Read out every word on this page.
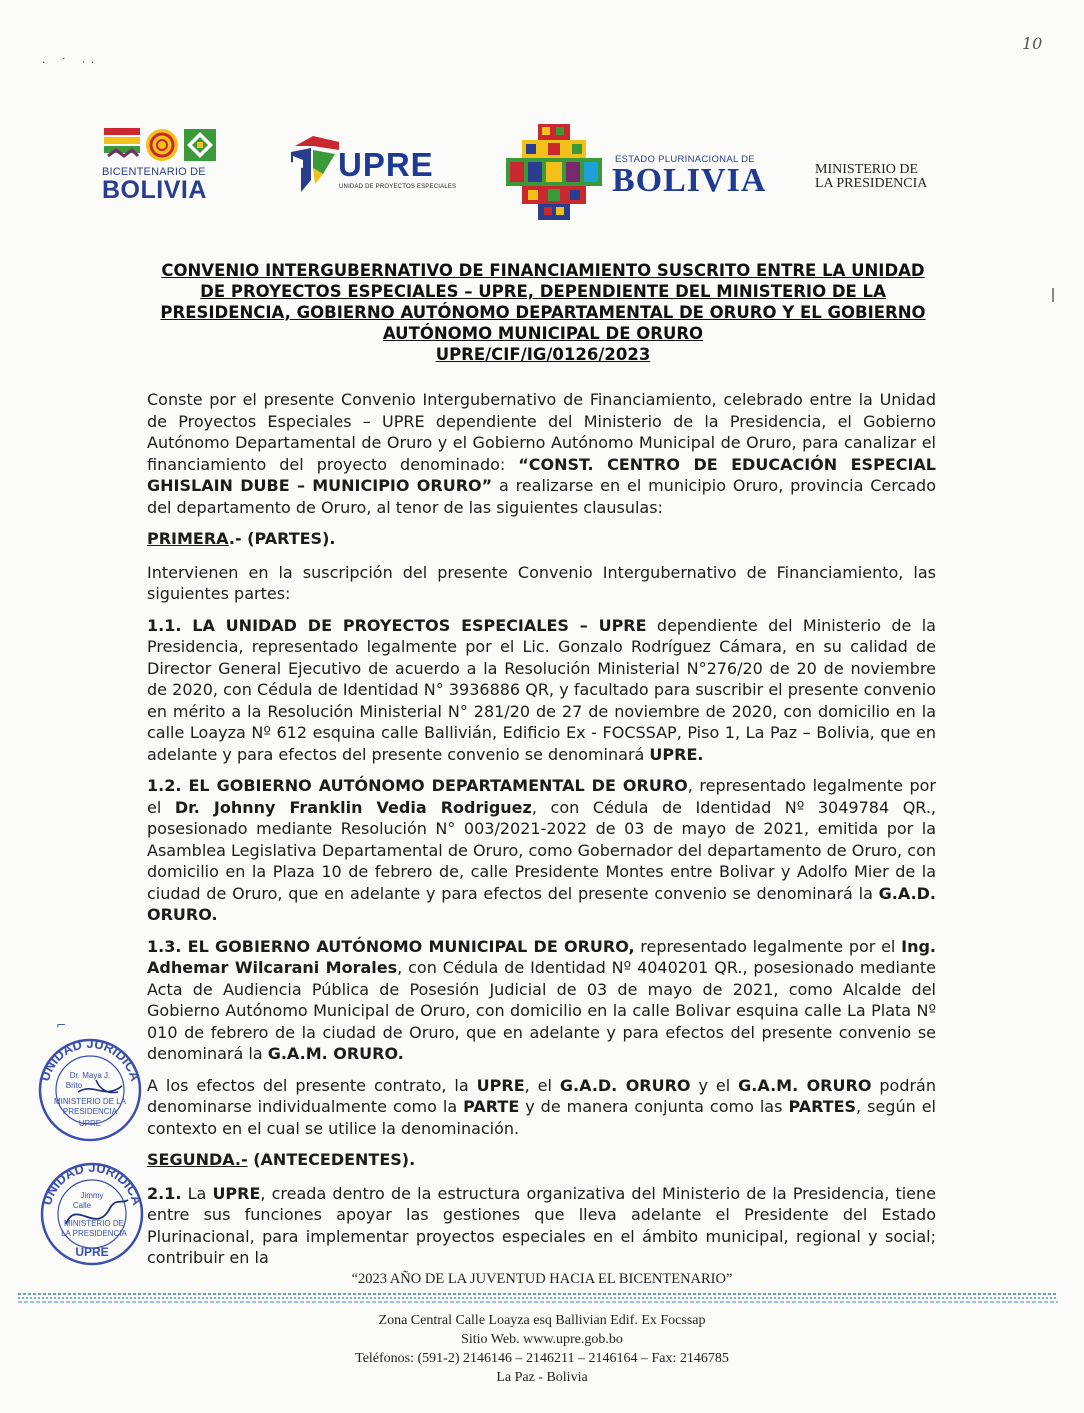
10
· ˙ ᐧ·
BICENTENARIO DE
BOLIVIA
UPRE
UNIDAD DE PROYECTOS ESPECIALES
ESTADO PLURINACIONAL DE
BOLIVIA	MINISTERIO DE
LA PRESIDENCIA
CONVENIO INTERGUBERNATIVO DE FINANCIAMIENTO SUSCRITO ENTRE LA UNIDAD
DE PROYECTOS ESPECIALES – UPRE, DEPENDIENTE DEL MINISTERIO DE LA
PRESIDENCIA, GOBIERNO AUTÓNOMO DEPARTAMENTAL DE ORURO Y EL GOBIERNO
AUTÓNOMO MUNICIPAL DE ORURO
UPRE/CIF/IG/0126/2023

Conste por el presente Convenio Intergubernativo de Financiamiento, celebrado entre la Unidad de Proyectos Especiales – UPRE dependiente del Ministerio de la Presidencia, el Gobierno Autónomo Departamental de Oruro y el Gobierno Autónomo Municipal de Oruro, para canalizar el financiamiento del proyecto denominado: “CONST. CENTRO DE EDUCACIÓN ESPECIAL GHISLAIN DUBE – MUNICIPIO ORURO” a realizarse en el municipio Oruro, provincia Cercado del departamento de Oruro, al tenor de las siguientes clausulas:

PRIMERA.- (PARTES).

Intervienen en la suscripción del presente Convenio Intergubernativo de Financiamiento, las siguientes partes:

1.1. LA UNIDAD DE PROYECTOS ESPECIALES – UPRE dependiente del Ministerio de la Presidencia, representado legalmente por el Lic. Gonzalo Rodríguez Cámara, en su calidad de Director General Ejecutivo de acuerdo a la Resolución Ministerial N°276/20 de 20 de noviembre de 2020, con Cédula de Identidad N° 3936886 QR, y facultado para suscribir el presente convenio en mérito a la Resolución Ministerial N° 281/20 de 27 de noviembre de 2020, con domicilio en la calle Loayza Nº 612 esquina calle Ballivián, Edificio Ex - FOCSSAP, Piso 1, La Paz – Bolivia, que en adelante y para efectos del presente convenio se denominará UPRE.

1.2. EL GOBIERNO AUTÓNOMO DEPARTAMENTAL DE ORURO, representado legalmente por el Dr. Johnny Franklin Vedia Rodriguez, con Cédula de Identidad Nº 3049784 QR., posesionado mediante Resolución N° 003/2021-2022 de 03 de mayo de 2021, emitida por la Asamblea Legislativa Departamental de Oruro, como Gobernador del departamento de Oruro, con domicilio en la Plaza 10 de febrero de, calle Presidente Montes entre Bolivar y Adolfo Mier de la ciudad de Oruro, que en adelante y para efectos del presente convenio se denominará la G.A.D. ORURO.

1.3. EL GOBIERNO AUTÓNOMO MUNICIPAL DE ORURO, representado legalmente por el Ing. Adhemar Wilcarani Morales, con Cédula de Identidad Nº 4040201 QR., posesionado mediante Acta de Audiencia Pública de Posesión Judicial de 03 de mayo de 2021, como Alcalde del Gobierno Autónomo Municipal de Oruro, con domicilio en la calle Bolivar esquina calle La Plata Nº 010 de febrero de la ciudad de Oruro, que en adelante y para efectos del presente convenio se denominará la G.A.M. ORURO.

A los efectos del presente contrato, la UPRE, el G.A.D. ORURO y el G.A.M. ORURO podrán denominarse individualmente como la PARTE y de manera conjunta como las PARTES, según el contexto en el cual se utilice la denominación.

SEGUNDA.- (ANTECEDENTES).

2.1. La UPRE, creada dentro de la estructura organizativa del Ministerio de la Presidencia, tiene entre sus funciones apoyar las gestiones que lleva adelante el Presidente del Estado Plurinacional, para implementar proyectos especiales en el ámbito municipal, regional y social; contribuir en la

⌐
UNIDAD JURIDICA
Dr. Maya J.
Brito
MINISTERIO DE LA
PRESIDENCIA
UPRE
UNIDAD JURIDICA
Jimmy
Calle
MINISTERIO DE
LA PRESIDENCIA
UPRE
“2023 AÑO DE LA JUVENTUD HACIA EL BICENTENARIO”
Zona Central Calle Loayza esq Ballivian Edif. Ex Focssap
Sitio Web. www.upre.gob.bo
Teléfonos: (591-2) 2146146 – 2146211 – 2146164 – Fax: 2146785
La Paz - Bolivia
